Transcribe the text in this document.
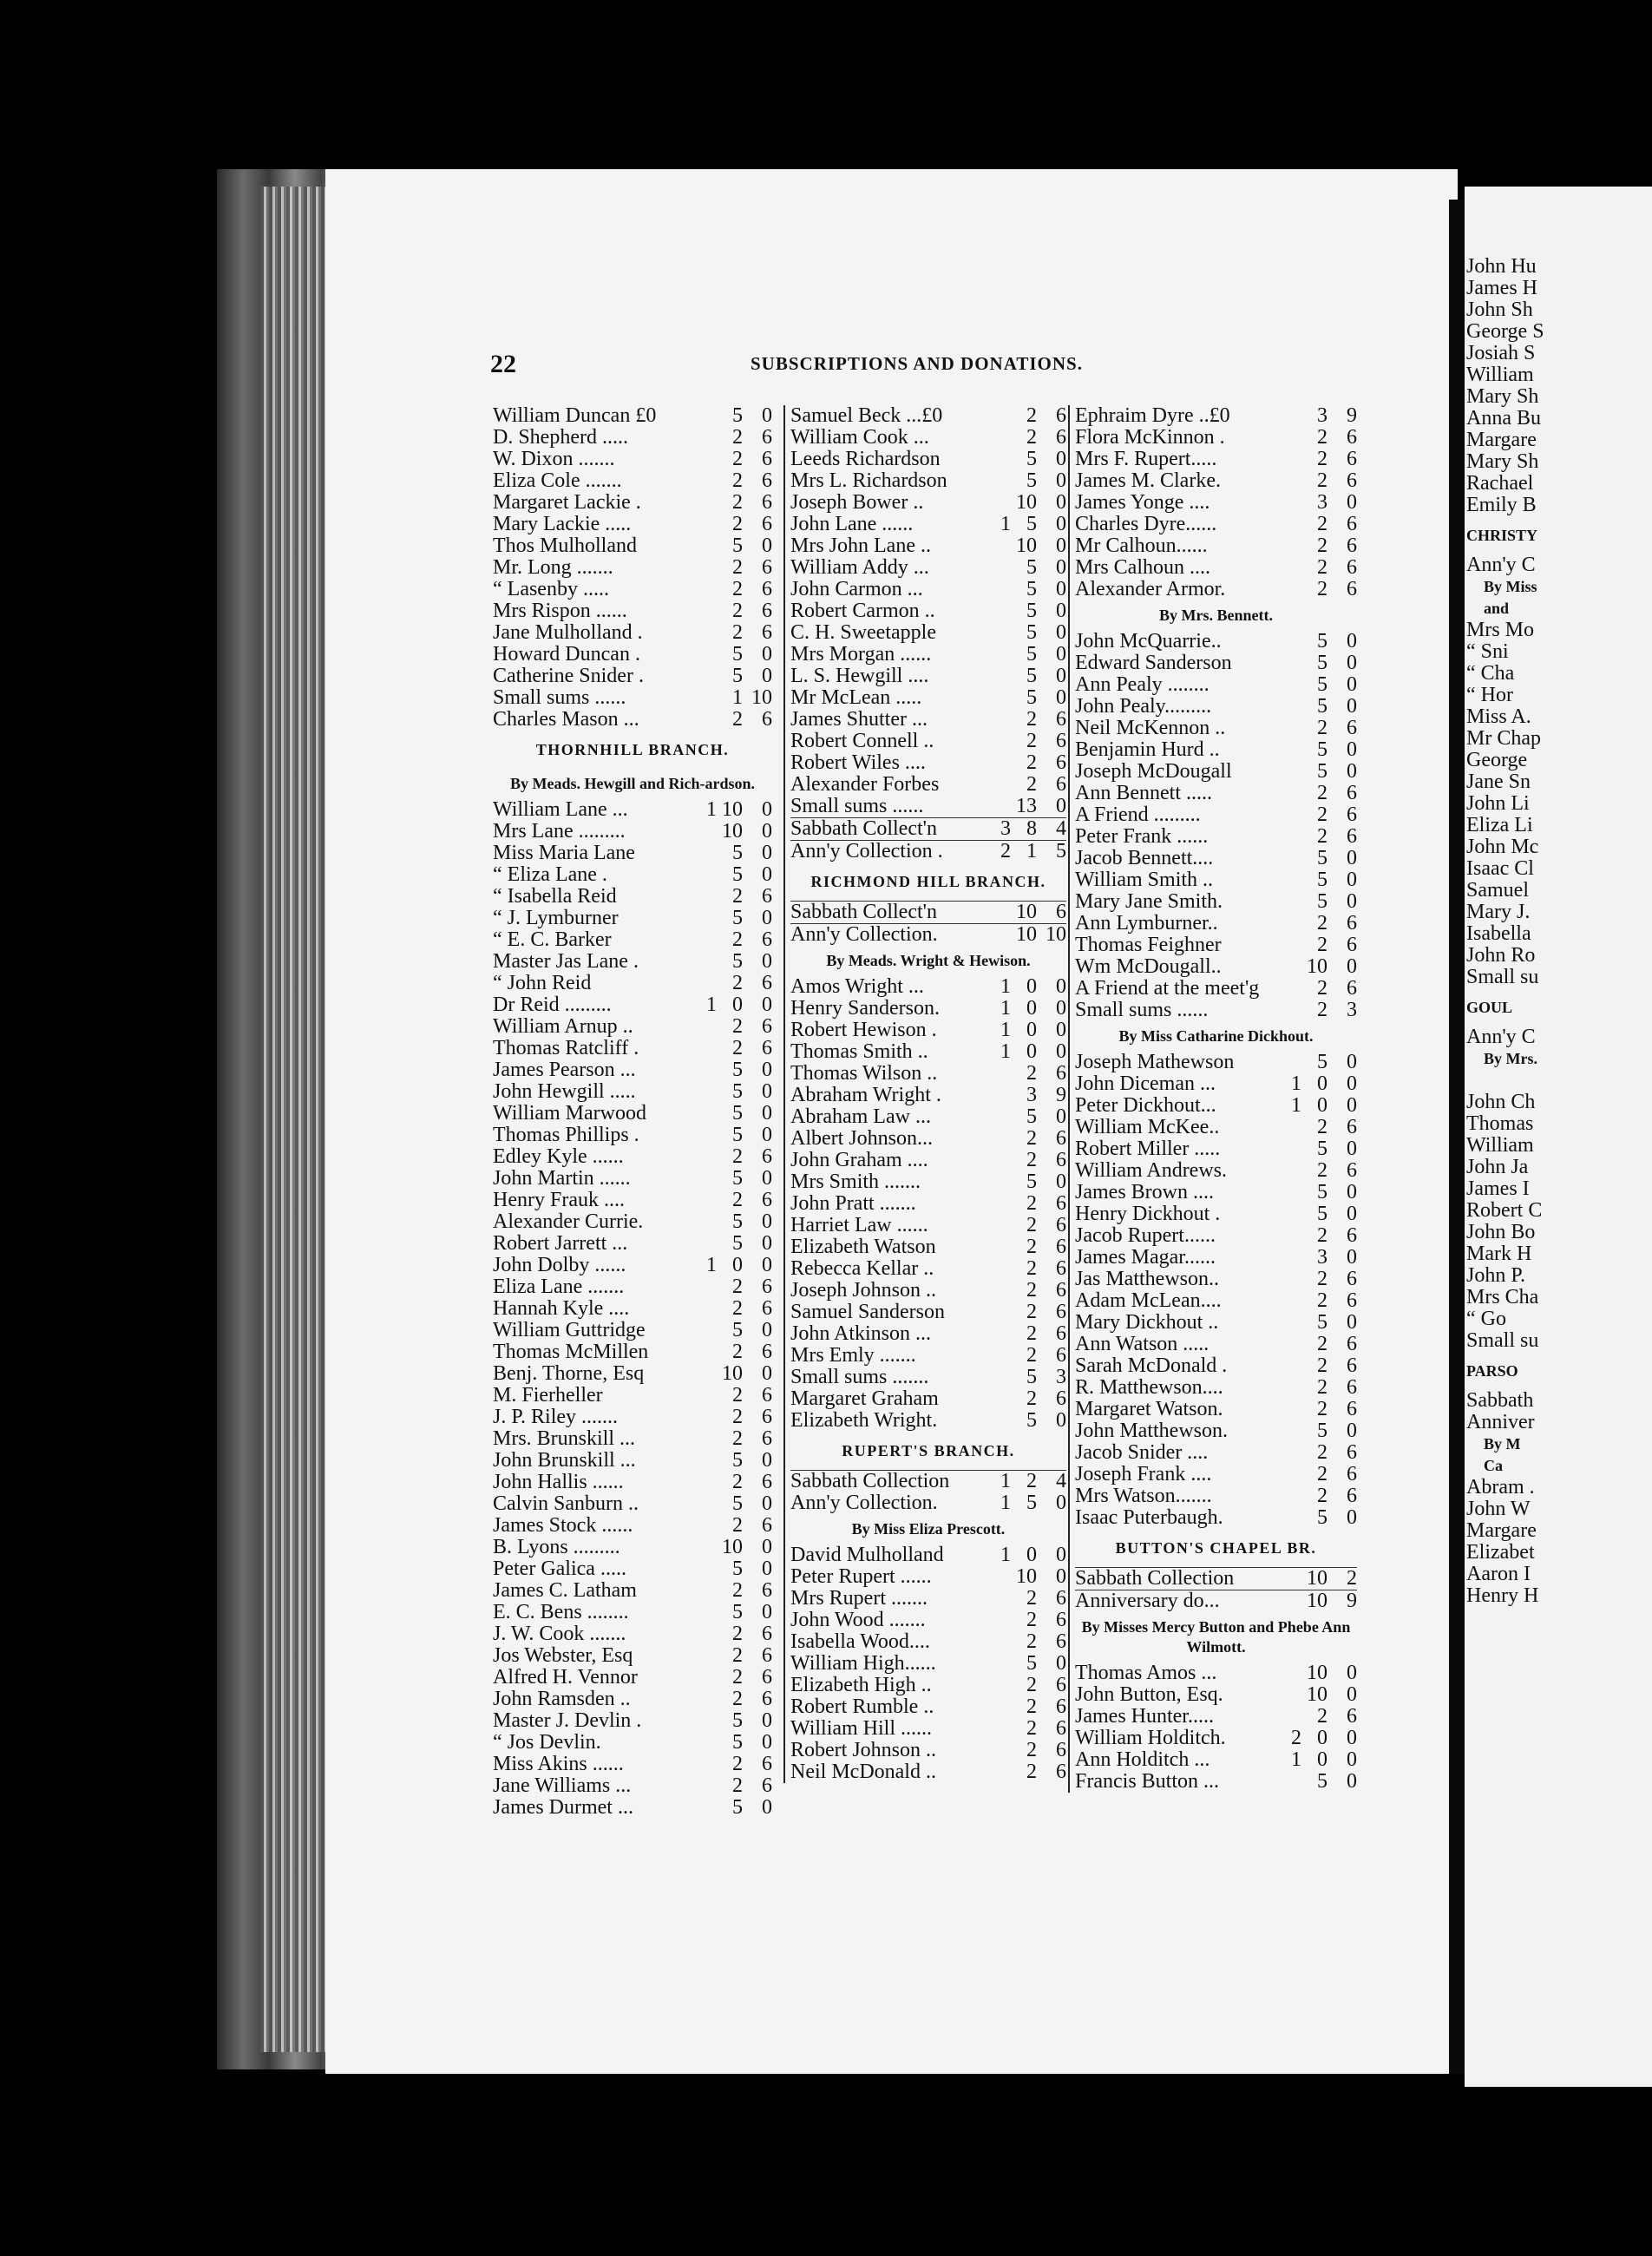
22	SUBSCRIPTIONS AND DONATIONS.
William Duncan £0	5 0
D. Shepherd .....	2 6
W. Dixon .......	2 6
Eliza Cole .......	2 6
Margaret Lackie .	2 6
Mary Lackie .....	2 6
Thos Mulholland	5 0
Mr. Long .......	2 6
“ Lasenby .....	2 6
Mrs Rispon ......	2 6
Jane Mulholland .	2 6
Howard Duncan .	5 0
Catherine Snider .	5 0
Small sums ......	1 10
Charles Mason ...	2 6
THORNHILL BRANCH.
By Meads. Hewgill and Rich-ardson.
William Lane ...	1 10 0
Mrs Lane .........	10 0
Miss Maria Lane	5 0
“ Eliza Lane .	5 0
“ Isabella Reid	2 6
“ J. Lymburner	5 0
“ E. C. Barker	2 6
Master Jas Lane .	5 0
“ John Reid	2 6
Dr Reid .........	1 0 0
William Arnup ..	2 6
Thomas Ratcliff .	2 6
James Pearson ...	5 0
John Hewgill .....	5 0
William Marwood	5 0
Thomas Phillips .	5 0
Edley Kyle ......	2 6
John Martin ......	5 0
Henry Frauk ....	2 6
Alexander Currie.	5 0
Robert Jarrett ...	5 0
John Dolby ......	1 0 0
Eliza Lane .......	2 6
Hannah Kyle ....	2 6
William Guttridge	5 0
Thomas McMillen	2 6
Benj. Thorne, Esq	10 0
M. Fierheller	2 6
J. P. Riley .......	2 6
Mrs. Brunskill ...	2 6
John Brunskill ...	5 0
John Hallis ......	2 6
Calvin Sanburn ..	5 0
James Stock ......	2 6
B. Lyons .........	10 0
Peter Galica .....	5 0
James C. Latham	2 6
E. C. Bens ........	5 0
J. W. Cook .......	2 6
Jos Webster, Esq	2 6
Alfred H. Vennor	2 6
John Ramsden ..	2 6
Master J. Devlin .	5 0
“ Jos Devlin.	5 0
Miss Akins ......	2 6
Jane Williams ...	2 6
James Durmet ...	5 0
Samuel Beck ...£0	2 6
William Cook ...	2 6
Leeds Richardson	5 0
Mrs L. Richardson	5 0
Joseph Bower ..	10 0
John Lane ......	1 5 0
Mrs John Lane ..	10 0
William Addy ...	5 0
John Carmon ...	5 0
Robert Carmon ..	5 0
C. H. Sweetapple	5 0
Mrs Morgan ......	5 0
L. S. Hewgill ....	5 0
Mr McLean .....	5 0
James Shutter ...	2 6
Robert Connell ..	2 6
Robert Wiles ....	2 6
Alexander Forbes	2 6
Small sums ......	13 0
Sabbath Collect'n	3 8 4
Ann'y Collection .	2 1 5
RICHMOND HILL BRANCH.
Sabbath Collect'n	10 6
Ann'y Collection.	10 10
By Meads. Wright & Hewison.
Amos Wright ...	1 0 0
Henry Sanderson.	1 0 0
Robert Hewison .	1 0 0
Thomas Smith ..	1 0 0
Thomas Wilson ..	2 6
Abraham Wright .	3 9
Abraham Law ...	5 0
Albert Johnson...	2 6
John Graham ....	2 6
Mrs Smith .......	5 0
John Pratt .......	2 6
Harriet Law ......	2 6
Elizabeth Watson	2 6
Rebecca Kellar ..	2 6
Joseph Johnson ..	2 6
Samuel Sanderson	2 6
John Atkinson ...	2 6
Mrs Emly .......	2 6
Small sums .......	5 3
Margaret Graham	2 6
Elizabeth Wright.	5 0
RUPERT'S BRANCH.
Sabbath Collection	1 2 4
Ann'y Collection.	1 5 0
By Miss Eliza Prescott.
David Mulholland	1 0 0
Peter Rupert ......	10 0
Mrs Rupert .......	2 6
John Wood .......	2 6
Isabella Wood....	2 6
William High......	5 0
Elizabeth High ..	2 6
Robert Rumble ..	2 6
William Hill ......	2 6
Robert Johnson ..	2 6
Neil McDonald ..	2 6
Ephraim Dyre ..£0	3 9
Flora McKinnon .	2 6
Mrs F. Rupert.....	2 6
James M. Clarke.	2 6
James Yonge ....	3 0
Charles Dyre......	2 6
Mr Calhoun......	2 6
Mrs Calhoun ....	2 6
Alexander Armor.	2 6
By Mrs. Bennett.
John McQuarrie..	5 0
Edward Sanderson	5 0
Ann Pealy ........	5 0
John Pealy.........	5 0
Neil McKennon ..	2 6
Benjamin Hurd ..	5 0
Joseph McDougall	5 0
Ann Bennett .....	2 6
A Friend .........	2 6
Peter Frank ......	2 6
Jacob Bennett....	5 0
William Smith ..	5 0
Mary Jane Smith.	5 0
Ann Lymburner..	2 6
Thomas Feighner	2 6
Wm McDougall..	10 0
A Friend at the meet'g	2 6
Small sums ......	2 3
By Miss Catharine Dickhout.
Joseph Mathewson	5 0
John Diceman ...	1 0 0
Peter Dickhout...	1 0 0
William McKee..	2 6
Robert Miller .....	5 0
William Andrews.	2 6
James Brown ....	5 0
Henry Dickhout .	5 0
Jacob Rupert......	2 6
James Magar......	3 0
Jas Matthewson..	2 6
Adam McLean....	2 6
Mary Dickhout ..	5 0
Ann Watson .....	2 6
Sarah McDonald .	2 6
R. Matthewson....	2 6
Margaret Watson.	2 6
John Matthewson.	5 0
Jacob Snider ....	2 6
Joseph Frank ....	2 6
Mrs Watson.......	2 6
Isaac Puterbaugh.	5 0
BUTTON'S CHAPEL BR.
Sabbath Collection	10 2
Anniversary do...	10 9
By Misses Mercy Button and Phebe Ann Wilmott.
Thomas Amos ...	10 0
John Button, Esq.	10 0
James Hunter.....	2 6
William Holditch.	2 0 0
Ann Holditch ...	1 0 0
Francis Button ...	5 0
John Hu
James H
John Sh
George S
Josiah S
William
Mary Sh
Anna Bu
Margare
Mary Sh
Rachael
Emily B
CHRISTY
Ann'y C
By Miss
and
Mrs Mo
“ Sni
“ Cha
“ Hor
Miss A.
Mr Chap
George
Jane Sn
John Li
Eliza Li
John Mc
Isaac Cl
Samuel
Mary J.
Isabella
John Ro
Small su
GOUL
Ann'y C
By Mrs.
John Ch
Thomas
William
John Ja
James I
Robert C
John Bo
Mark H
John P.
Mrs Cha
“ Go
Small su
PARSO
Sabbath
Anniver
By M
Ca
Abram .
John W
Margare
Elizabet
Aaron I
Henry H
